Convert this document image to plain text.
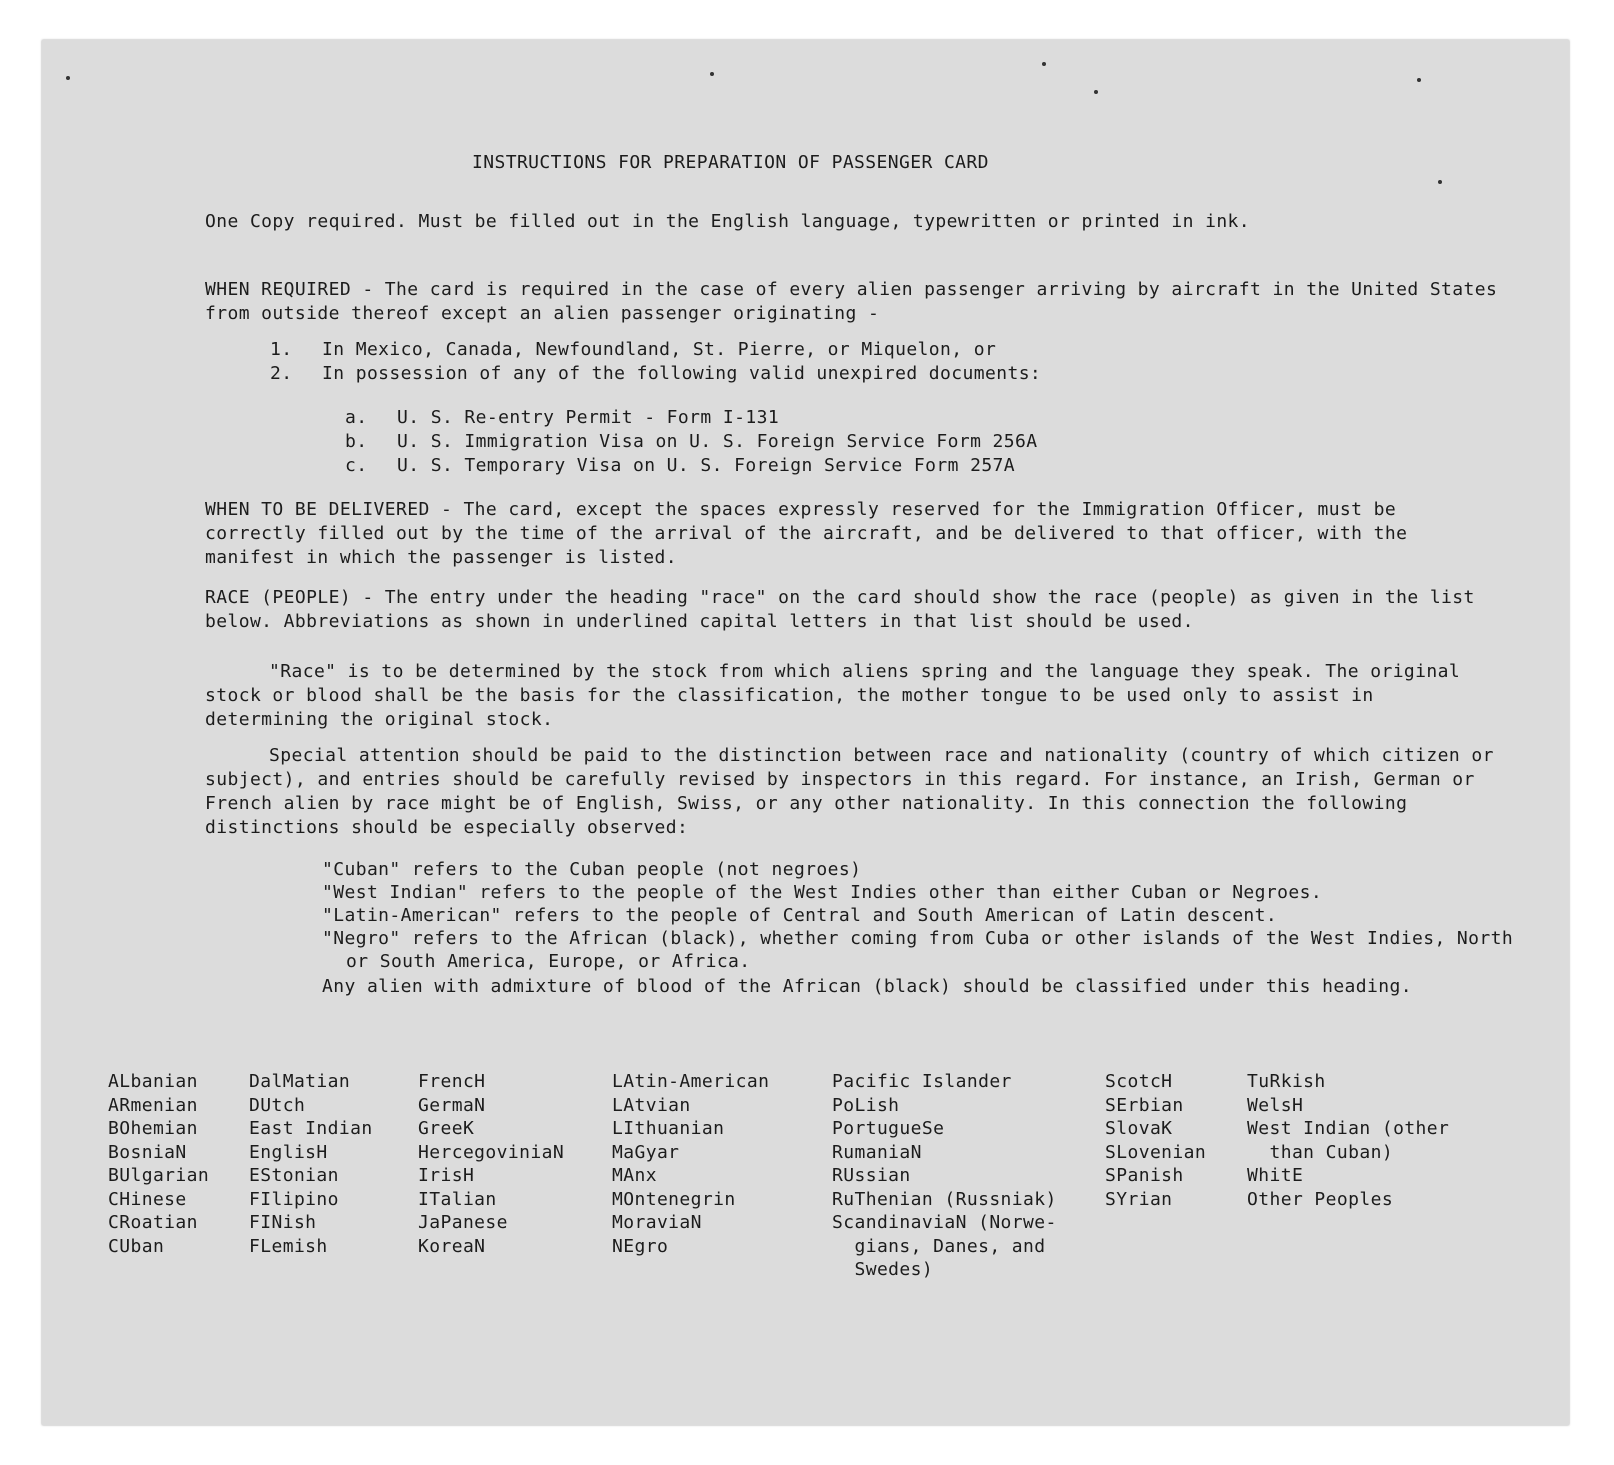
INSTRUCTIONS FOR PREPARATION OF PASSENGER CARD
One Copy required. Must be filled out in the English language, typewritten or printed in ink.
WHEN REQUIRED - The card is required in the case of every alien passenger arriving by aircraft in the United States from outside thereof except an alien passenger originating -
1. In Mexico, Canada, Newfoundland, St. Pierre, or Miquelon, or
2. In possession of any of the following valid unexpired documents:
a. U. S. Re-entry Permit - Form I-131
b. U. S. Immigration Visa on U. S. Foreign Service Form 256A
c. U. S. Temporary Visa on U. S. Foreign Service Form 257A
WHEN TO BE DELIVERED - The card, except the spaces expressly reserved for the Immigration Officer, must be correctly filled out by the time of the arrival of the aircraft, and be delivered to that officer, with the manifest in which the passenger is listed.
RACE (PEOPLE) - The entry under the heading "race" on the card should show the race (people) as given in the list below. Abbreviations as shown in underlined capital letters in that list should be used.
"Race" is to be determined by the stock from which aliens spring and the language they speak. The original stock or blood shall be the basis for the classification, the mother tongue to be used only to assist in determining the original stock.
Special attention should be paid to the distinction between race and nationality (country of which citizen or subject), and entries should be carefully revised by inspectors in this regard. For instance, an Irish, German or French alien by race might be of English, Swiss, or any other nationality. In this connection the following distinctions should be especially observed:
"Cuban" refers to the Cuban people (not negroes)
"West Indian" refers to the people of the West Indies other than either Cuban or Negroes.
"Latin-American" refers to the people of Central and South American of Latin descent.
"Negro" refers to the African (black), whether coming from Cuba or other islands of the West Indies, North or South America, Europe, or Africa.
Any alien with admixture of blood of the African (black) should be classified under this heading.
ALbanian
ARmenian
BOhemian
BosniaN
BUlgarian
CHinese
CRoatian
CUban
DalMatian
DUtch
East Indian
EnglisH
EStonian
FIlipino
FINish
FLemish
FrencH
GermaN
GreeK
HercegoviniaN
IrisH
ITalian
JaPanese
KoreaN
LAtin-American
LAtvian
LIthuanian
MaGyar
MAnx
MOntenegrin
MoraviaN
NEgro
Pacific Islander
PoLish
PortugueSe
RumaniaN
RUssian
RuThenian (Russniak)
ScandinaviaN (Norwe-
gians, Danes, and
Swedes)
ScotcH
SErbian
SlovaK
SLovenian
SPanish
SYrian
TuRkish
WelsH
West Indian (other
than Cuban)
WhitE
Other Peoples
